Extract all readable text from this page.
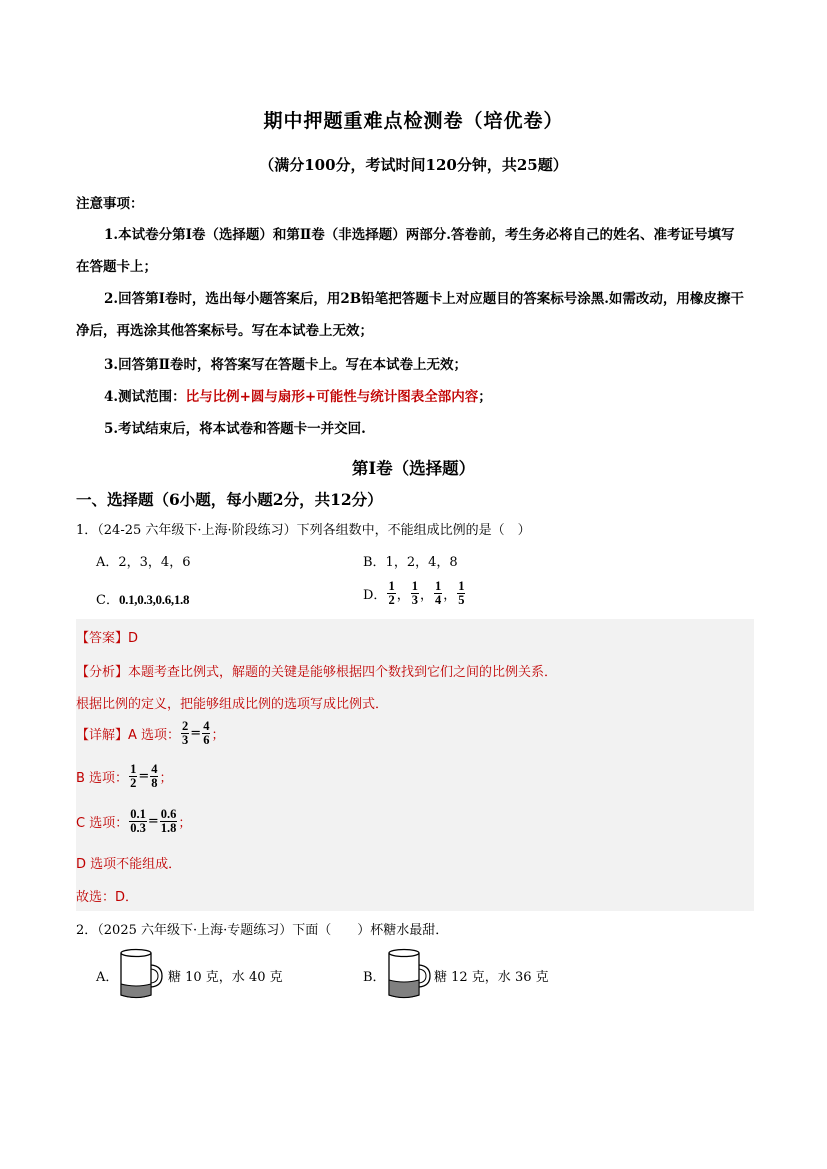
期中押题重难点检测卷（培优卷）
（满分100分，考试时间120分钟，共25题）
注意事项：
1.本试卷分第Ⅰ卷（选择题）和第Ⅱ卷（非选择题）两部分.答卷前，考生务必将自己的姓名、准考证号填写
在答题卡上；
2.回答第Ⅰ卷时，选出每小题答案后，用2B铅笔把答题卡上对应题目的答案标号涂黑.如需改动，用橡皮擦干
净后，再选涂其他答案标号。写在本试卷上无效；
3.回答第Ⅱ卷时，将答案写在答题卡上。写在本试卷上无效；
4.测试范围：比与比例+圆与扇形+可能性与统计图表全部内容；
5.考试结束后，将本试卷和答题卡一并交回.
第Ⅰ卷（选择题）
一、选择题（6小题，每小题2分，共12分）
1．（24-25 六年级下·上海·阶段练习）下列各组数中，不能组成比例的是（　）
A．2，3，4，6	B．1，2，4，8
C．0.1,0.3,0.6,1.8	D． $\frac{1}{2}$ ， $\frac{1}{3}$ ， $\frac{1}{4}$ ， $\frac{1}{5}$
【答案】D
【分析】本题考查比例式，解题的关键是能够根据四个数找到它们之间的比例关系．
根据比例的定义，把能够组成比例的选项写成比例式．
【详解】A 选项： $\frac{2}{3} = \frac{4}{6}$ ；
B 选项： $\frac{1}{2} = \frac{4}{8}$ ；
C 选项： $\frac{0.1}{0.3} = \frac{0.6}{1.8}$ ；
D 选项不能组成．
故选：D．
2．（2025 六年级下·上海·专题练习）下面（　　）杯糖水最甜．
A．	糖 10 克，水 40 克	B．	糖 12 克，水 36 克
